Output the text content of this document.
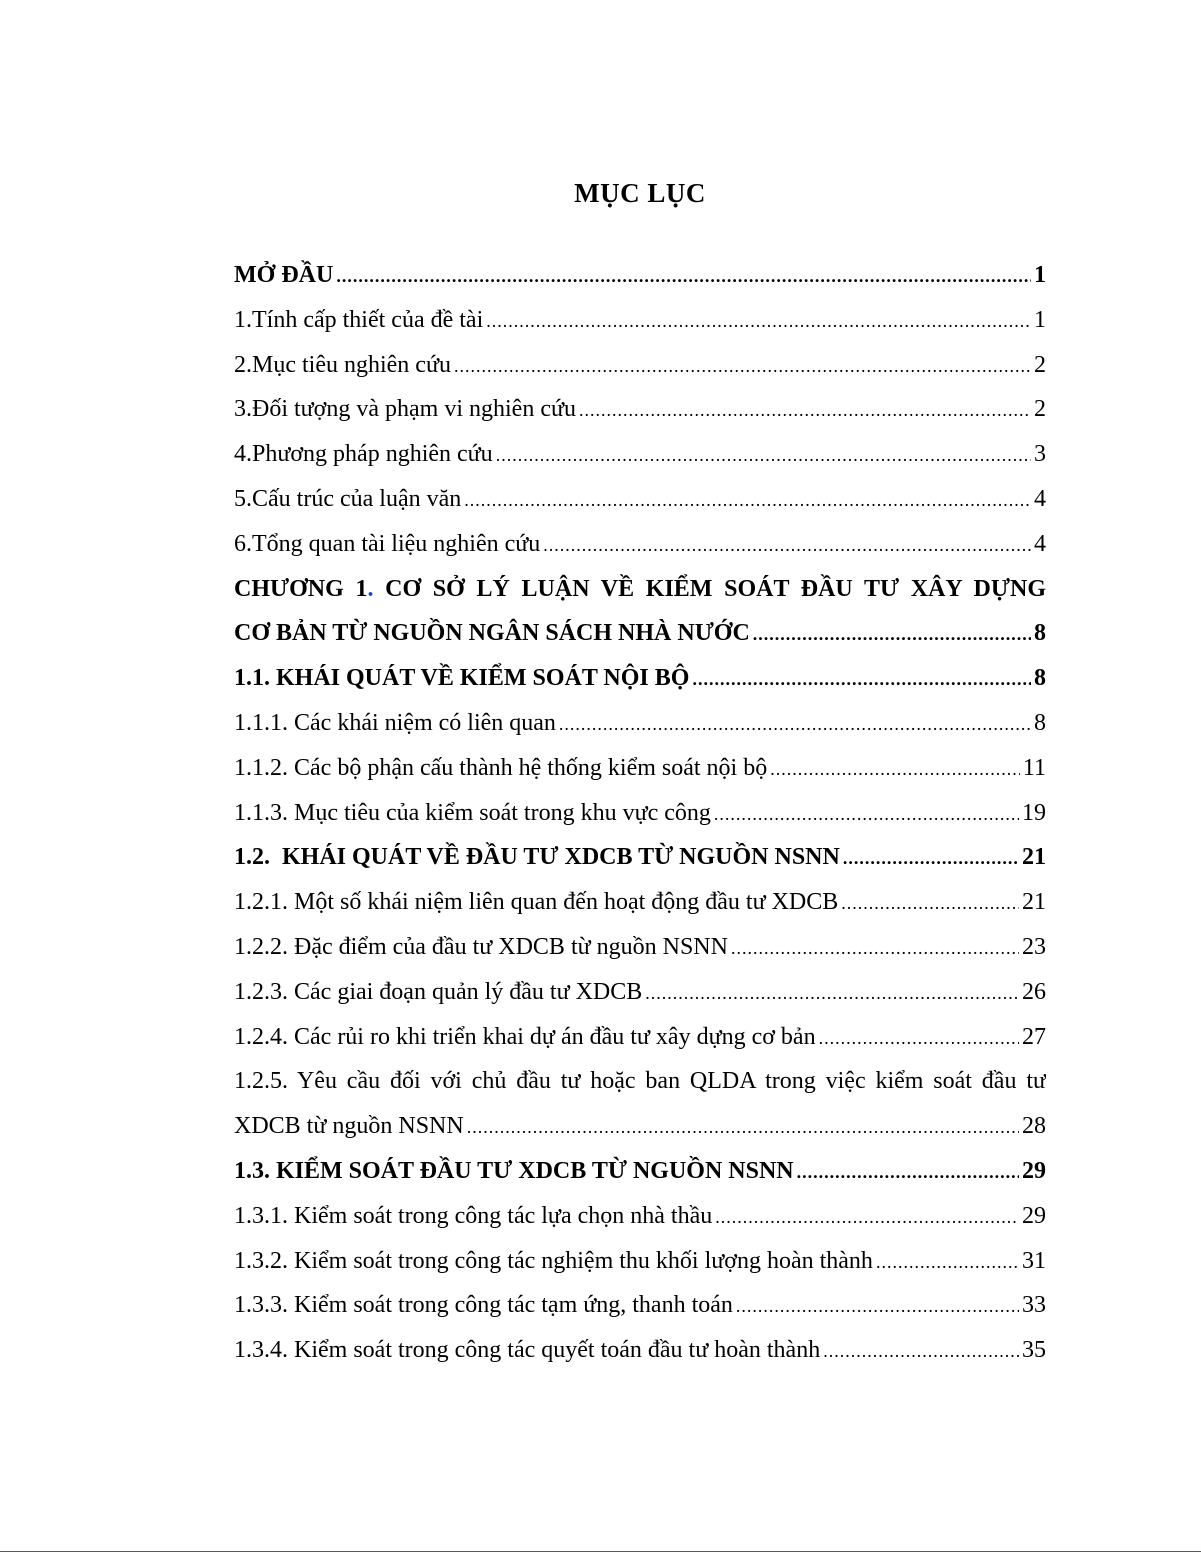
MỤC LỤC
MỞ ĐẦU .....	1
1.Tính cấp thiết của đề tài .....	1
2.Mục tiêu nghiên cứu .....	2
3.Đối tượng và phạm vi nghiên cứu .....	2
4.Phương pháp nghiên cứu .....	3
5.Cấu trúc của luận văn .....	4
6.Tổng quan tài liệu nghiên cứu .....	4
CHƯƠNG 1. CƠ SỞ LÝ LUẬN VỀ KIỂM SOÁT ĐẦU TƯ XÂY DỰNG
CƠ BẢN TỪ NGUỒN NGÂN SÁCH NHÀ NƯỚC .....	8
1.1. KHÁI QUÁT VỀ KIỂM SOÁT NỘI BỘ .....	8
1.1.1. Các khái niệm có liên quan .....	8
1.1.2. Các bộ phận cấu thành hệ thống kiểm soát nội bộ .....	11
1.1.3. Mục tiêu của kiểm soát trong khu vực công .....	19
1.2.  KHÁI QUÁT VỀ ĐẦU TƯ XDCB TỪ NGUỒN NSNN .....	21
1.2.1. Một số khái niệm liên quan đến hoạt động đầu tư XDCB .....	21
1.2.2. Đặc điểm của đầu tư XDCB từ nguồn NSNN .....	23
1.2.3. Các giai đoạn quản lý đầu tư XDCB .....	26
1.2.4. Các rủi ro khi triển khai dự án đầu tư xây dựng cơ bản .....	27
1.2.5. Yêu cầu đối với chủ đầu tư hoặc ban QLDA trong việc kiểm soát đầu tư
XDCB từ nguồn NSNN .....	28
1.3. KIỂM SOÁT ĐẦU TƯ XDCB TỪ NGUỒN NSNN .....	29
1.3.1. Kiểm soát trong công tác lựa chọn nhà thầu .....	29
1.3.2. Kiểm soát trong công tác nghiệm thu khối lượng hoàn thành .....	31
1.3.3. Kiểm soát trong công tác tạm ứng, thanh toán .....	33
1.3.4. Kiểm soát trong công tác quyết toán đầu tư hoàn thành .....	35
